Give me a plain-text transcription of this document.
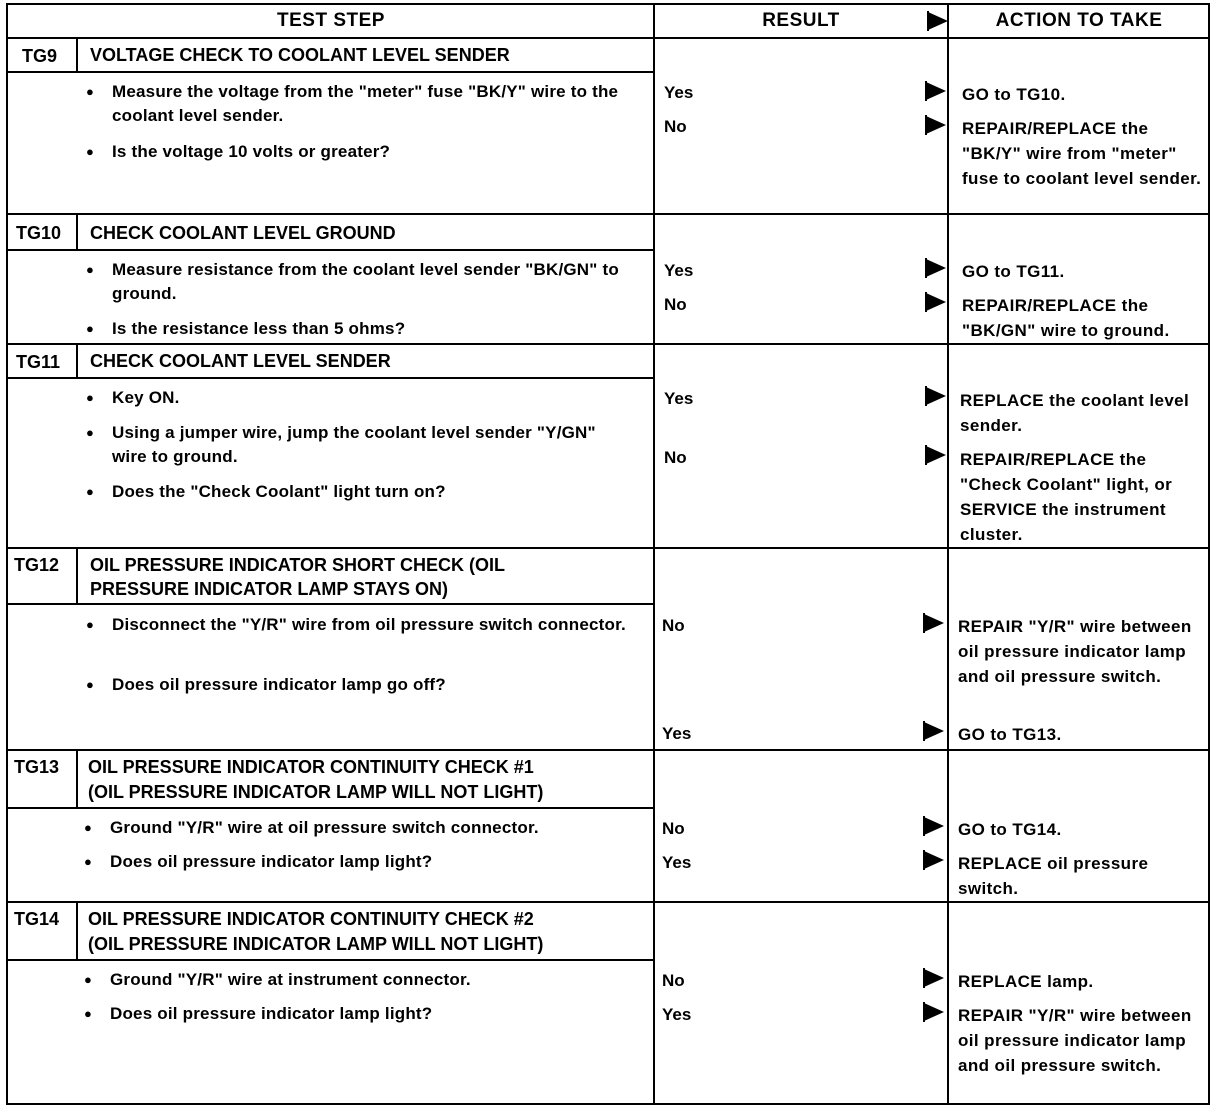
TEST STEP	RESULT	ACTION TO TAKE
TG9 VOLTAGE CHECK TO COOLANT LEVEL SENDER
● Measure the voltage from the "meter" fuse "BK/Y" wire to the coolant level sender.
● Is the voltage 10 volts or greater?
Yes	GO to TG10.
No	REPAIR/REPLACE the "BK/Y" wire from "meter" fuse to coolant level sender.
TG10 CHECK COOLANT LEVEL GROUND
● Measure resistance from the coolant level sender "BK/GN" to ground.
● Is the resistance less than 5 ohms?
Yes	GO to TG11.
No	REPAIR/REPLACE the "BK/GN" wire to ground.
TG11 CHECK COOLANT LEVEL SENDER
● Key ON.
● Using a jumper wire, jump the coolant level sender "Y/GN" wire to ground.
● Does the "Check Coolant" light turn on?
Yes	REPLACE the coolant level sender.
No	REPAIR/REPLACE the "Check Coolant" light, or SERVICE the instrument cluster.
TG12 OIL PRESSURE INDICATOR SHORT CHECK (OIL
PRESSURE INDICATOR LAMP STAYS ON)
● Disconnect the "Y/R" wire from oil pressure switch connector.
● Does oil pressure indicator lamp go off?
No	REPAIR "Y/R" wire between oil pressure indicator lamp and oil pressure switch.
Yes	GO to TG13.
TG13 OIL PRESSURE INDICATOR CONTINUITY CHECK #1
(OIL PRESSURE INDICATOR LAMP WILL NOT LIGHT)
● Ground "Y/R" wire at oil pressure switch connector.
● Does oil pressure indicator lamp light?
No	GO to TG14.
Yes	REPLACE oil pressure switch.
TG14 OIL PRESSURE INDICATOR CONTINUITY CHECK #2
(OIL PRESSURE INDICATOR LAMP WILL NOT LIGHT)
● Ground "Y/R" wire at instrument connector.
● Does oil pressure indicator lamp light?
No	REPLACE lamp.
Yes	REPAIR "Y/R" wire between oil pressure indicator lamp and oil pressure switch.
